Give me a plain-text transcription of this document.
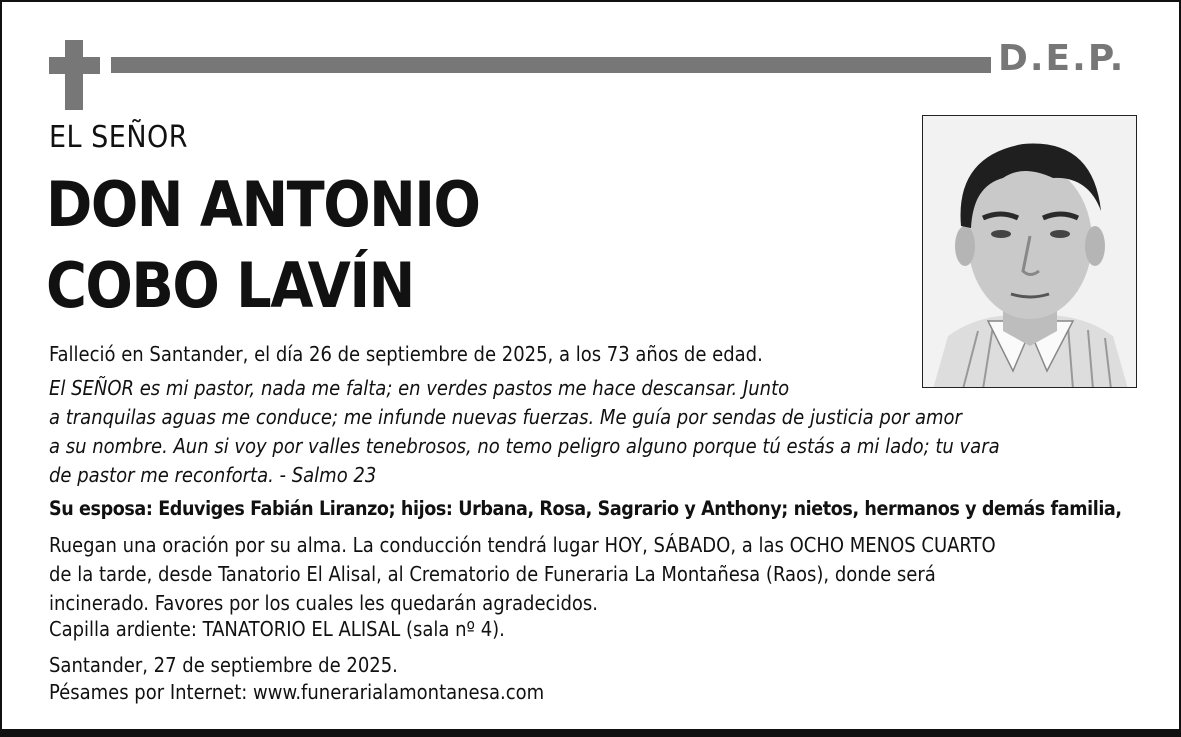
D.E.P.
EL SEÑOR
DON ANTONIO
COBO LAVÍN
Falleció en Santander, el día 26 de septiembre de 2025, a los 73 años de edad.
El SEÑOR es mi pastor, nada me falta; en verdes pastos me hace descansar. Junto
a tranquilas aguas me conduce; me infunde nuevas fuerzas. Me guía por sendas de justicia por amor
a su nombre. Aun si voy por valles tenebrosos, no temo peligro alguno porque tú estás a mi lado; tu vara
de pastor me reconforta. - Salmo 23
Su esposa: Eduviges Fabián Liranzo; hijos: Urbana, Rosa, Sagrario y Anthony; nietos, hermanos y demás familia,
Ruegan una oración por su alma. La conducción tendrá lugar HOY, SÁBADO, a las OCHO MENOS CUARTO
de la tarde, desde Tanatorio El Alisal, al Crematorio de Funeraria La Montañesa (Raos), donde será
incinerado. Favores por los cuales les quedarán agradecidos.
Capilla ardiente: TANATORIO EL ALISAL (sala nº 4).
Santander, 27 de septiembre de 2025.
Pésames por Internet: www.funerarialamontanesa.com
